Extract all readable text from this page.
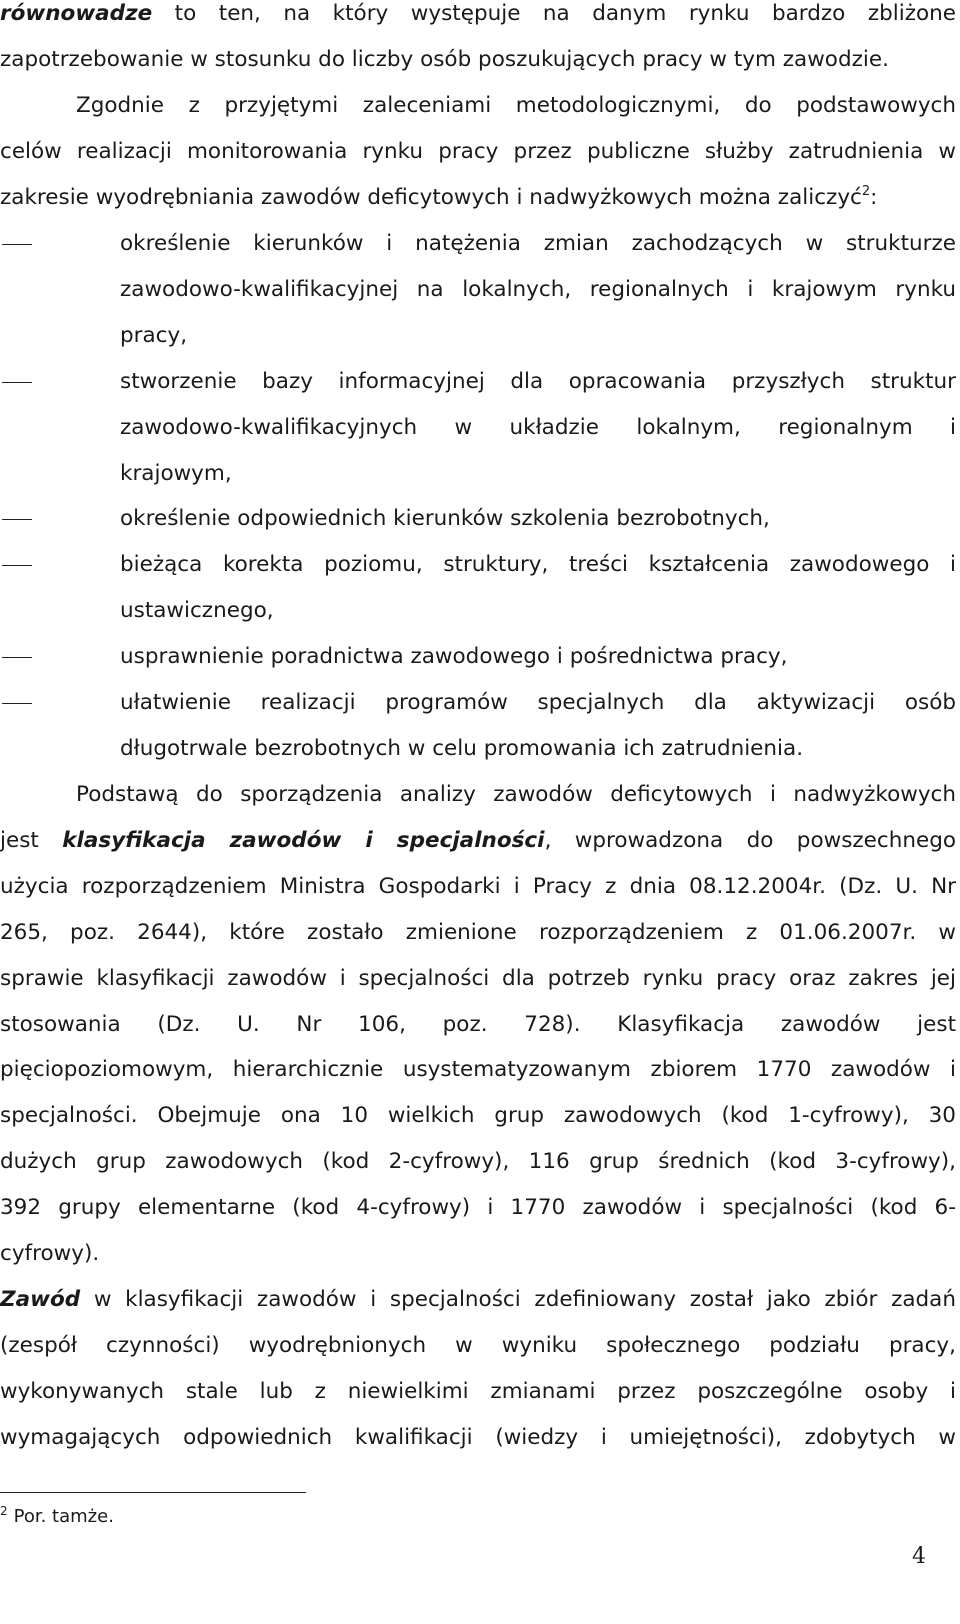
równowadze to ten, na który występuje na danym rynku bardzo zbliżone
zapotrzebowanie w stosunku do liczby osób poszukujących pracy w tym zawodzie.
Zgodnie z przyjętymi zaleceniami metodologicznymi, do podstawowych
celów realizacji monitorowania rynku pracy przez publiczne służby zatrudnienia w
zakresie wyodrębniania zawodów deficytowych i nadwyżkowych można zaliczyć$^2$:
określenie kierunków i natężenia zmian zachodzących w strukturze
zawodowo-kwalifikacyjnej na lokalnych, regionalnych i krajowym rynku
pracy,
stworzenie bazy informacyjnej dla opracowania przyszłych struktur
zawodowo-kwalifikacyjnych w układzie lokalnym, regionalnym i
krajowym,
określenie odpowiednich kierunków szkolenia bezrobotnych,
bieżąca korekta poziomu, struktury, treści kształcenia zawodowego i
ustawicznego,
usprawnienie poradnictwa zawodowego i pośrednictwa pracy,
ułatwienie realizacji programów specjalnych dla aktywizacji osób
długotrwale bezrobotnych w celu promowania ich zatrudnienia.
Podstawą do sporządzenia analizy zawodów deficytowych i nadwyżkowych
jest klasyfikacja zawodów i specjalności, wprowadzona do powszechnego
użycia rozporządzeniem Ministra Gospodarki i Pracy z dnia 08.12.2004r. (Dz. U. Nr
265, poz. 2644), które zostało zmienione rozporządzeniem z 01.06.2007r. w
sprawie klasyfikacji zawodów i specjalności dla potrzeb rynku pracy oraz zakres jej
stosowania (Dz. U. Nr 106, poz. 728). Klasyfikacja zawodów jest
pięciopoziomowym, hierarchicznie usystematyzowanym zbiorem 1770 zawodów i
specjalności. Obejmuje ona 10 wielkich grup zawodowych (kod 1-cyfrowy), 30
dużych grup zawodowych (kod 2-cyfrowy), 116 grup średnich (kod 3-cyfrowy),
392 grupy elementarne (kod 4-cyfrowy) i 1770 zawodów i specjalności (kod 6-
cyfrowy).
Zawód w klasyfikacji zawodów i specjalności zdefiniowany został jako zbiór zadań
(zespół czynności) wyodrębnionych w wyniku społecznego podziału pracy,
wykonywanych stale lub z niewielkimi zmianami przez poszczególne osoby i
wymagających odpowiednich kwalifikacji (wiedzy i umiejętności), zdobytych w
$^2$ Por. tamże.
4
